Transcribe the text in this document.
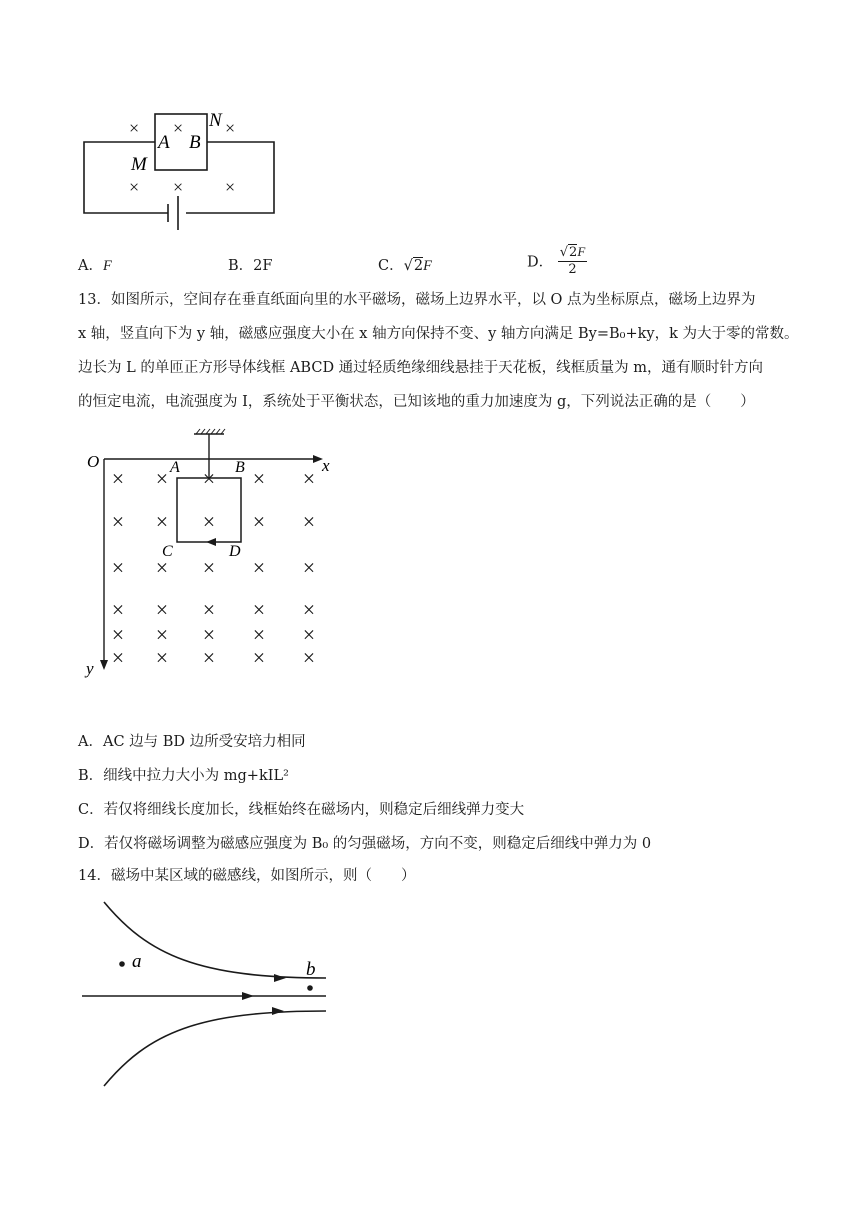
× × ×
× × ×
A B
M
N
A．F	B．2F	C．√2F	D． $\frac{√2F}{2}$
13．如图所示，空间存在垂直纸面向里的水平磁场，磁场上边界水平，以 O 点为坐标原点，磁场上边界为
x 轴，竖直向下为 y 轴，磁感应强度大小在 x 轴方向保持不变、y 轴方向满足 By=B₀+ky，k 为大于零的常数。
边长为 L 的单匝正方形导体线框 ABCD 通过轻质绝缘细线悬挂于天花板，线框质量为 m，通有顺时针方向
的恒定电流，电流强度为 I，系统处于平衡状态，已知该地的重力加速度为 g，下列说法正确的是（　　）
× × × × ×
× × × × ×
× × × × ×
× × × × ×
× × × × ×
× × × × ×
O	x
y
A	B
C	D
A．AC 边与 BD 边所受安培力相同
B．细线中拉力大小为 mg+kIL²
C．若仅将细线长度加长，线框始终在磁场内，则稳定后细线弹力变大
D．若仅将磁场调整为磁感应强度为 B₀ 的匀强磁场，方向不变，则稳定后细线中弹力为 0
14．磁场中某区域的磁感线，如图所示，则（　　）
a	b
